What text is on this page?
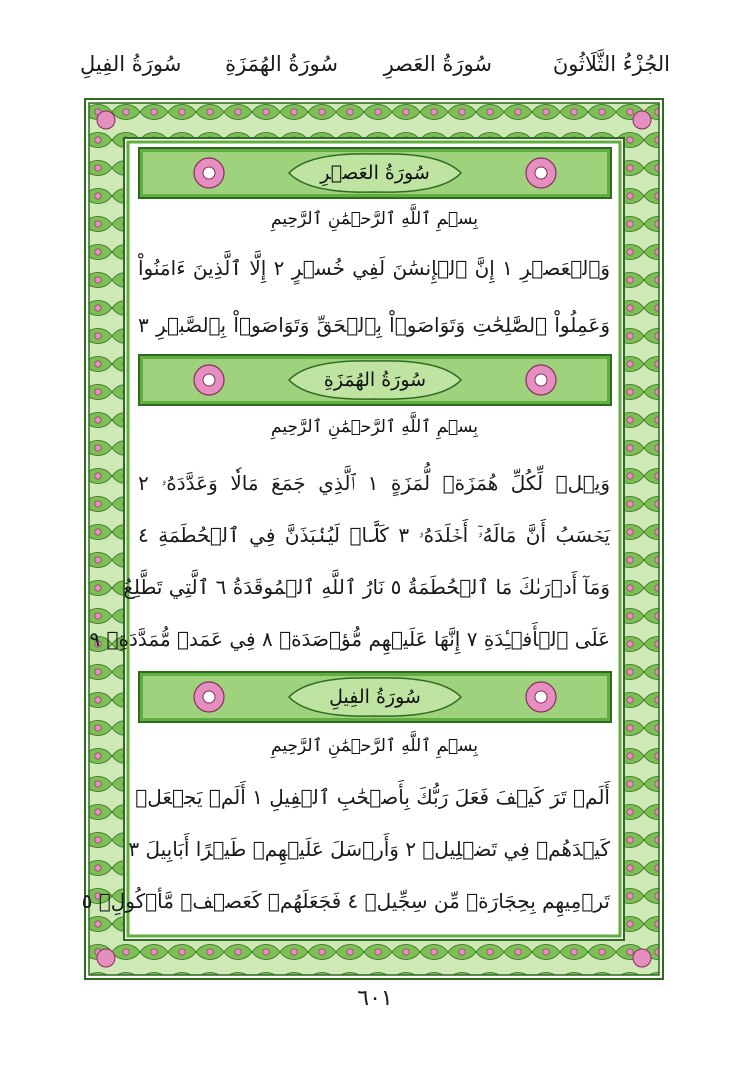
الجُزْءُ الثَّلَاثُونَ
سُورَةُ العَصرِ
سُورَةُ الهُمَزَةِ
سُورَةُ الفِيلِ
سُورَةُ العَصۡرِ
بِسۡمِ ٱللَّهِ ٱلرَّحۡمَٰنِ ٱلرَّحِيمِ
وَٱلۡعَصۡرِ ١ إِنَّ ٱلۡإِنسَٰنَ لَفِي خُسۡرٍ ٢ إِلَّا ٱلَّذِينَ ءَامَنُواْ
وَعَمِلُواْ ٱلصَّٰلِحَٰتِ وَتَوَاصَوۡاْ بِٱلۡحَقِّ وَتَوَاصَوۡاْ بِٱلصَّبۡرِ ٣
سُورَةُ الهُمَزَةِ
بِسۡمِ ٱللَّهِ ٱلرَّحۡمَٰنِ ٱلرَّحِيمِ
وَيۡلٞ لِّكُلِّ هُمَزَةٖ لُّمَزَةٍ ١ ٱلَّذِي جَمَعَ مَالٗا وَعَدَّدَهُۥ ٢
يَحۡسَبُ أَنَّ مَالَهُۥٓ أَخۡلَدَهُۥ ٣ كَلَّاۖ لَيُنۢبَذَنَّ فِي ٱلۡحُطَمَةِ ٤
وَمَآ أَدۡرَىٰكَ مَا ٱلۡحُطَمَةُ ٥ نَارُ ٱللَّهِ ٱلۡمُوقَدَةُ ٦ ٱلَّتِي تَطَّلِعُ
عَلَى ٱلۡأَفۡـِٔدَةِ ٧ إِنَّهَا عَلَيۡهِم مُّؤۡصَدَةٞ ٨ فِي عَمَدٖ مُّمَدَّدَةِۭ ٩
سُورَةُ الفِيلِ
بِسۡمِ ٱللَّهِ ٱلرَّحۡمَٰنِ ٱلرَّحِيمِ
أَلَمۡ تَرَ كَيۡفَ فَعَلَ رَبُّكَ بِأَصۡحَٰبِ ٱلۡفِيلِ ١ أَلَمۡ يَجۡعَلۡ
كَيۡدَهُمۡ فِي تَضۡلِيلٖ ٢ وَأَرۡسَلَ عَلَيۡهِمۡ طَيۡرًا أَبَابِيلَ ٣
تَرۡمِيهِم بِحِجَارَةٖ مِّن سِجِّيلٖ ٤ فَجَعَلَهُمۡ كَعَصۡفٖ مَّأۡكُولِۭ ٥
٦٠١
